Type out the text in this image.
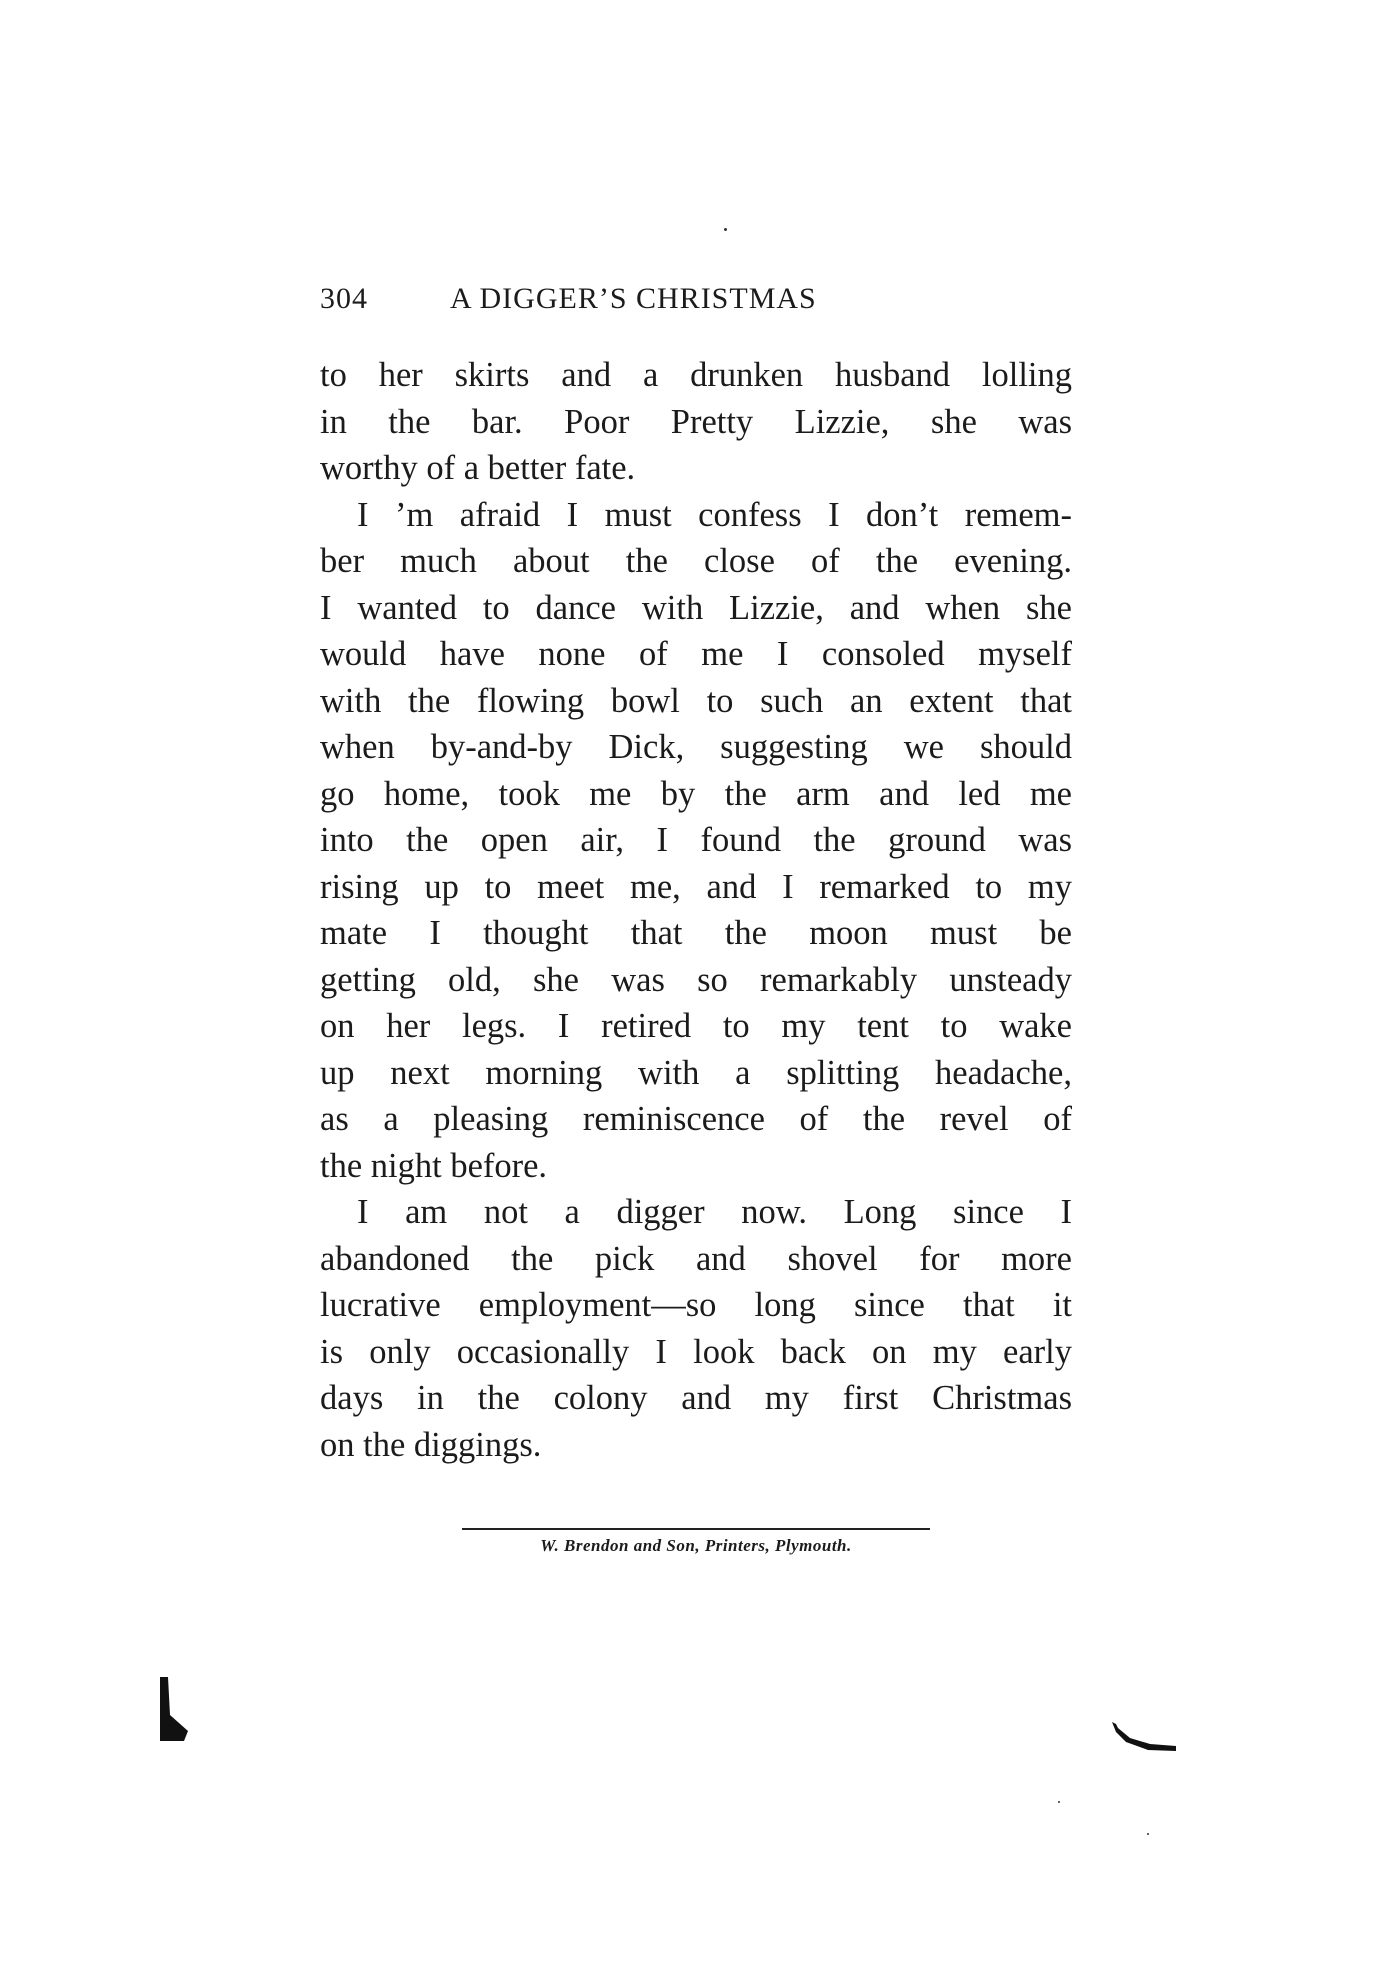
304	A DIGGER’S CHRISTMAS
to her skirts and a drunken husband lolling
in the bar. Poor Pretty Lizzie, she was
worthy of a better fate.
I ’m afraid I must confess I don’t remem-
ber much about the close of the evening.
I wanted to dance with Lizzie, and when she
would have none of me I consoled myself
with the flowing bowl to such an extent that
when by-and-by Dick, suggesting we should
go home, took me by the arm and led me
into the open air, I found the ground was
rising up to meet me, and I remarked to my
mate I thought that the moon must be
getting old, she was so remarkably unsteady
on her legs. I retired to my tent to wake
up next morning with a splitting headache,
as a pleasing reminiscence of the revel of
the night before.
I am not a digger now. Long since I
abandoned the pick and shovel for more
lucrative employment—so long since that it
is only occasionally I look back on my early
days in the colony and my first Christmas
on the diggings.
W. Brendon and Son, Printers, Plymouth.
